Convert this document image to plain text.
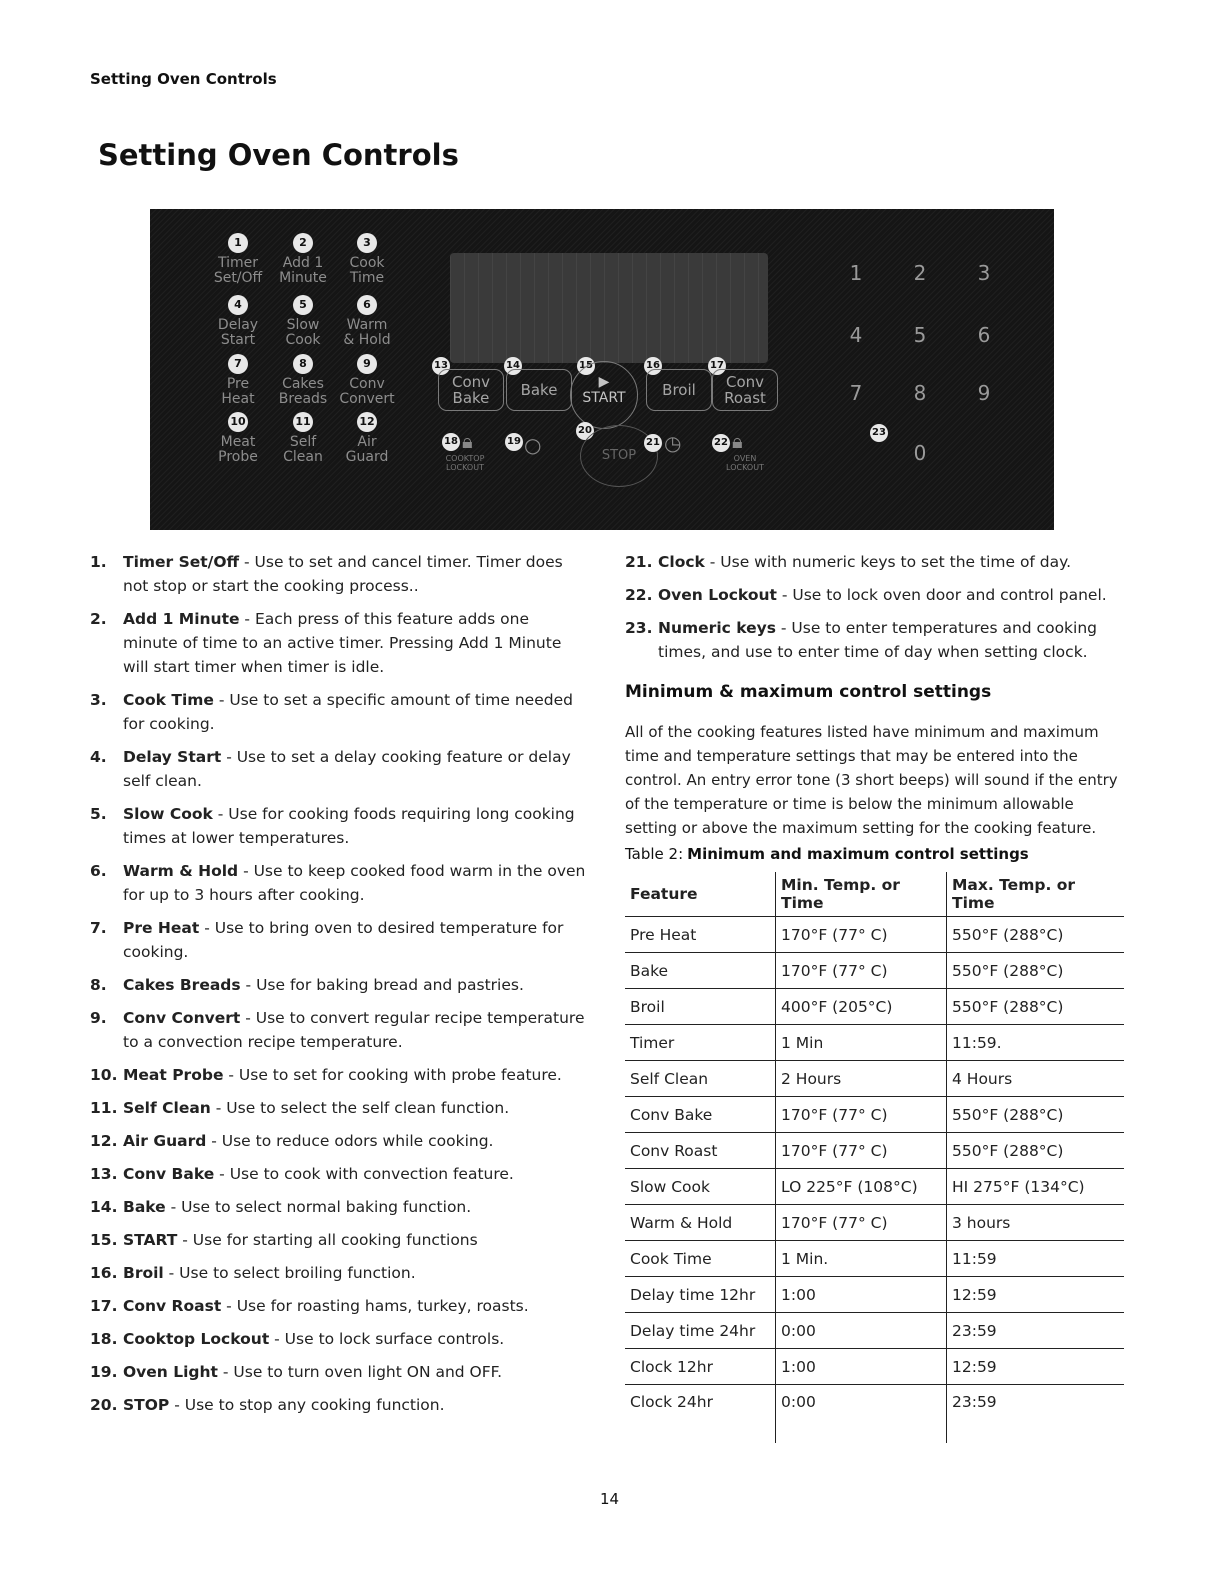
Setting Oven Controls
Setting Oven Controls
1
Timer
Set/Off
2
Add 1
Minute
3
Cook
Time
4
Delay
Start
5
Slow
Cook
6
Warm
& Hold
7
Pre
Heat
8
Cakes
Breads
9
Conv
Convert
10
Meat
Probe
11
Self
Clean
12
Air
Guard
13
Conv
Bake
14
Bake
15
▶
START
16
Broil
17
Conv
Roast
18 🔒︎
COOKTOP
LOCKOUT
19 ○
20
STOP
21 ◷	22 🔒︎
OVEN
LOCKOUT
23
1	2	3
4	5	6
7	8	9
0
1. Timer Set/Off - Use to set and cancel timer. Timer does not stop or start the cooking process..
2. Add 1 Minute - Each press of this feature adds one minute of time to an active timer. Pressing Add 1 Minute will start timer when timer is idle.
3. Cook Time - Use to set a specific amount of time needed for cooking.
4. Delay Start - Use to set a delay cooking feature or delay self clean.
5. Slow Cook - Use for cooking foods requiring long cooking times at lower temperatures.
6. Warm & Hold - Use to keep cooked food warm in the oven for up to 3 hours after cooking.
7. Pre Heat - Use to bring oven to desired temperature for cooking.
8. Cakes Breads - Use for baking bread and pastries.
9. Conv Convert - Use to convert regular recipe temperature to a convection recipe temperature.
10. Meat Probe - Use to set for cooking with probe feature.
11. Self Clean - Use to select the self clean function.
12. Air Guard - Use to reduce odors while cooking.
13. Conv Bake - Use to cook with convection feature.
14. Bake - Use to select normal baking function.
15. START - Use for starting all cooking functions
16. Broil - Use to select broiling function.
17. Conv Roast - Use for roasting hams, turkey, roasts.
18. Cooktop Lockout - Use to lock surface controls.
19. Oven Light - Use to turn oven light ON and OFF.
20. STOP - Use to stop any cooking function.
21. Clock - Use with numeric keys to set the time of day.
22. Oven Lockout - Use to lock oven door and control panel.
23. Numeric keys - Use to enter temperatures and cooking times, and use to enter time of day when setting clock.
Minimum & maximum control settings

All of the cooking features listed have minimum and maximum time and temperature settings that may be entered into the control. An entry error tone (3 short beeps) will sound if the entry of the temperature or time is below the minimum allowable setting or above the maximum setting for the cooking feature.

Table 2: Minimum and maximum control settings
Feature	Min. Temp. or Time	Max. Temp. or Time
Pre Heat	170°F (77° C)	550°F (288°C)
Bake	170°F (77° C)	550°F (288°C)
Broil	400°F (205°C)	550°F (288°C)
Timer	1 Min	11:59.
Self Clean	2 Hours	4 Hours
Conv Bake	170°F (77° C)	550°F (288°C)
Conv Roast	170°F (77° C)	550°F (288°C)
Slow Cook	LO 225°F (108°C)	HI 275°F (134°C)
Warm & Hold	170°F (77° C)	3 hours
Cook Time	1 Min.	11:59
Delay time 12hr	1:00	12:59
Delay time 24hr	0:00	23:59
Clock 12hr	1:00	12:59
Clock 24hr	0:00	23:59
14
